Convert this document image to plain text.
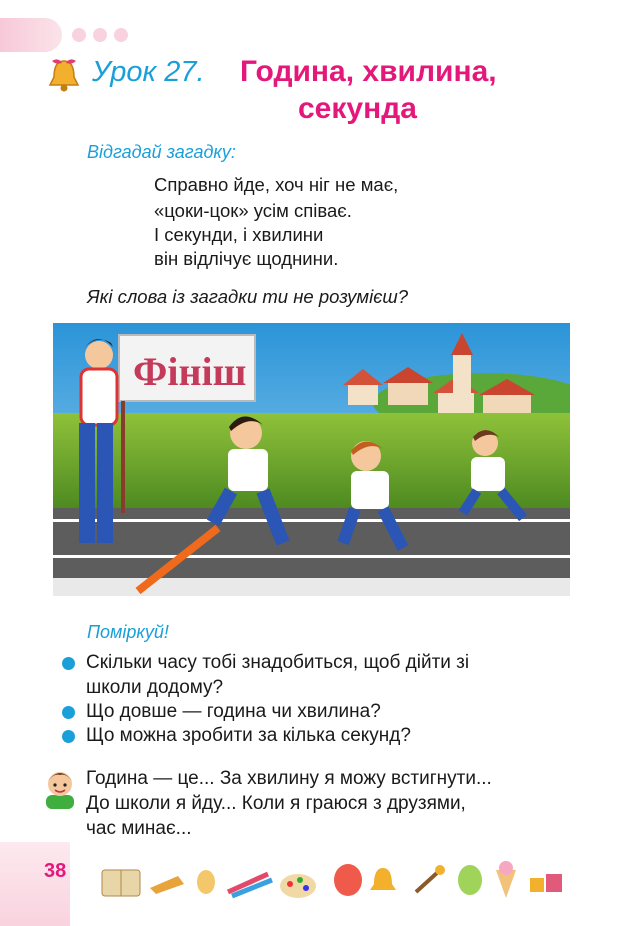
Урок 27. Година, хвилина,
секунда
Відгадай загадку:
Справно йде, хоч ніг не має,
«цоки-цок» усім співає.
І секунди, і хвилини
він відлічує щоднини.
Які слова із загадки ти не розумієш?
Фініш
Поміркуй!
Скільки часу тобі знадобиться, щоб дійти зі
школи додому?
Що довше — година чи хвилина?
Що можна зробити за кілька секунд?
Година — це... За хвилину я можу встигнути...
До школи я йду... Коли я граюся з друзями,
час минає...
38
